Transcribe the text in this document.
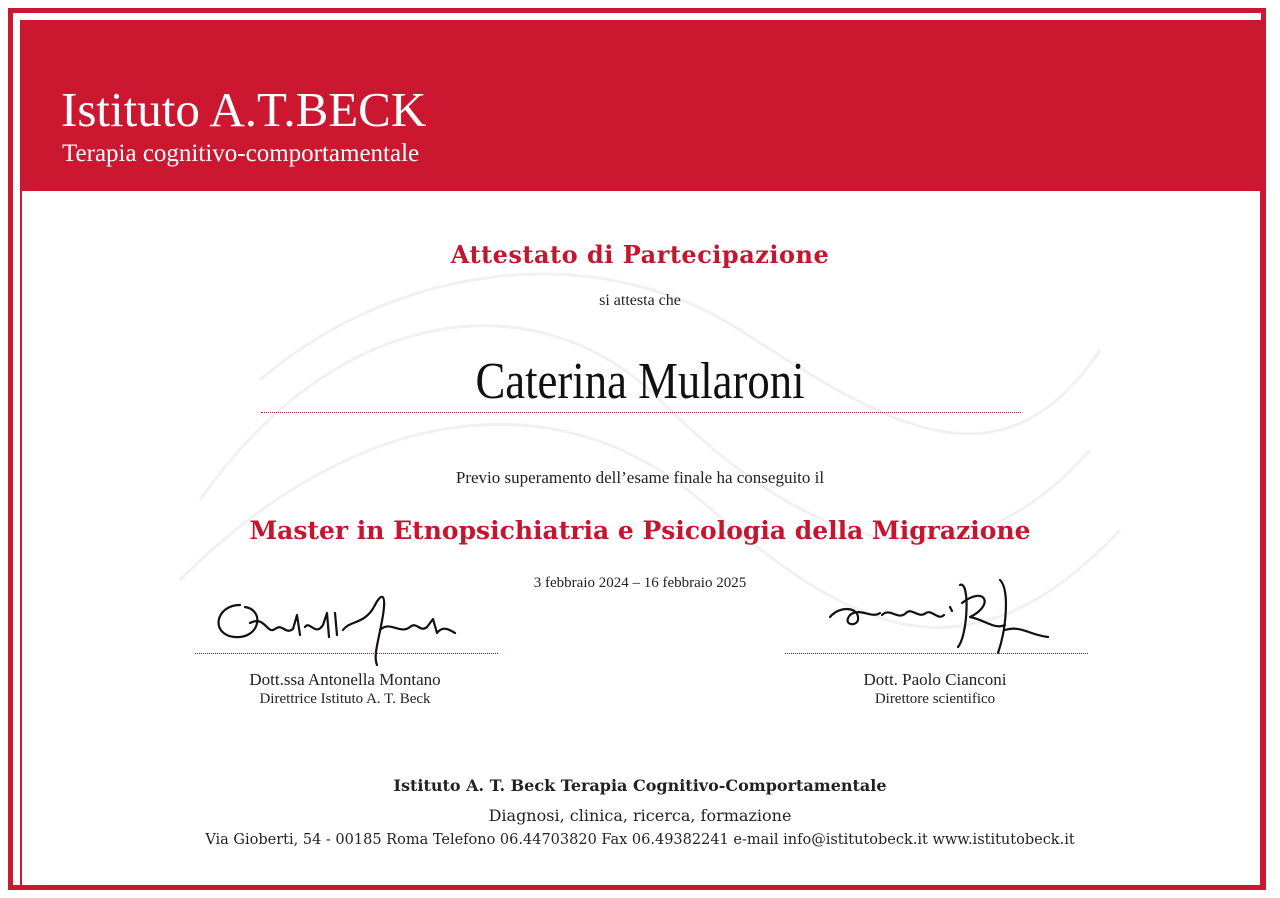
Istituto A.T.BECK
Terapia cognitivo-comportamentale
Attestato di Partecipazione
si attesta che
Caterina Mularoni
Previo superamento dell’esame finale ha conseguito il
Master in Etnopsichiatria e Psicologia della Migrazione
3 febbraio 2024 – 16 febbraio 2025
Dott.ssa Antonella Montano
Direttrice Istituto A. T. Beck
Dott. Paolo Cianconi
Direttore scientifico
Istituto A. T. Beck Terapia Cognitivo-Comportamentale
Diagnosi, clinica, ricerca, formazione
Via Gioberti, 54 - 00185 Roma Telefono 06.44703820 Fax 06.49382241 e-mail info@istitutobeck.it www.istitutobeck.it
